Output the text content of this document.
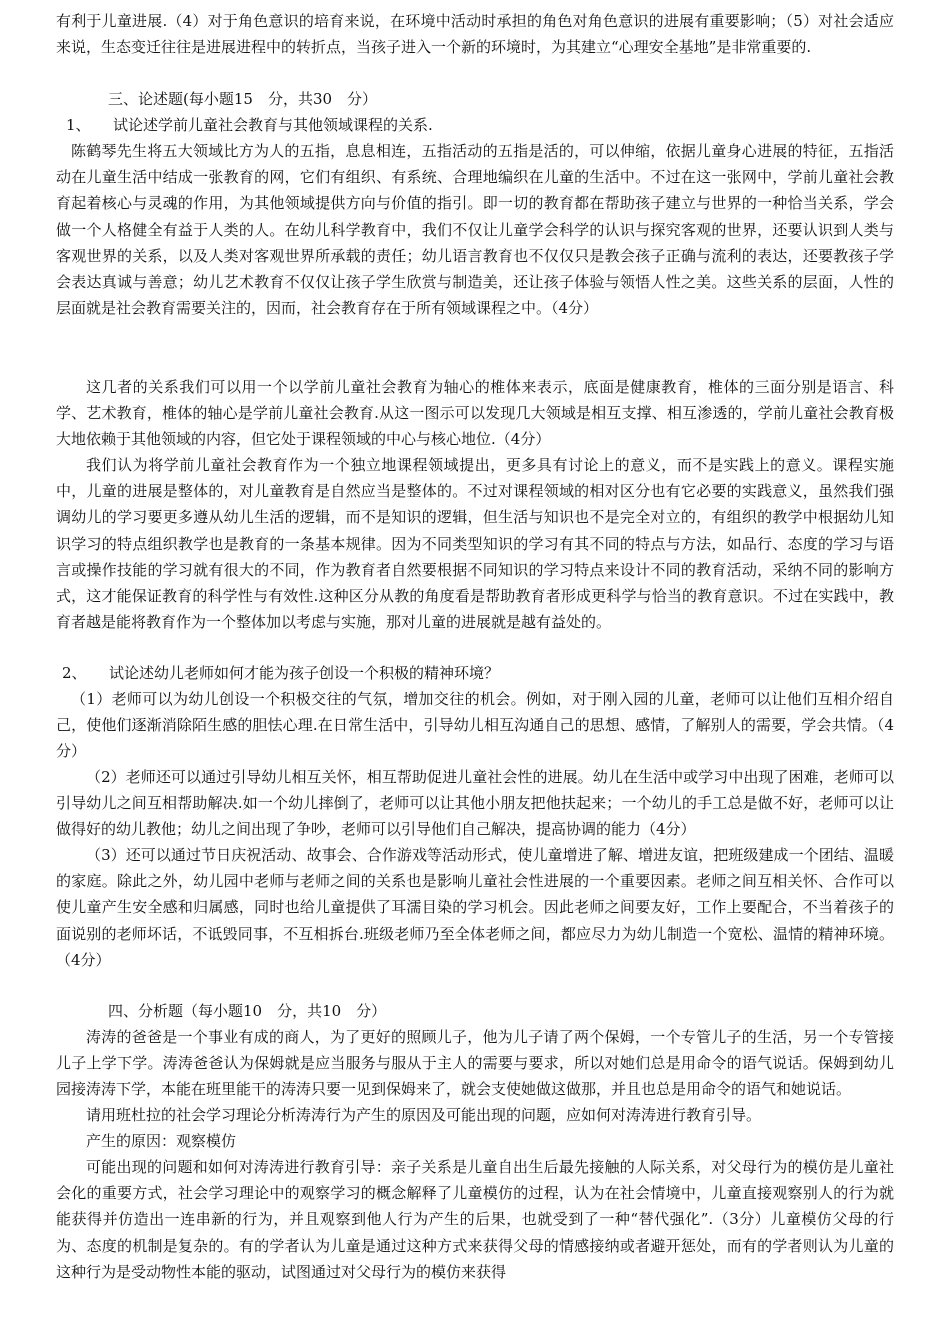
有利于儿童进展.（4）对于角色意识的培育来说，在环境中活动时承担的角色对角色意识的进展有重要影响；（5）对社会适应来说，生态变迁往往是进展进程中的转折点，当孩子进入一个新的环境时，为其建立“心理安全基地”是非常重要的.

三、论述题(每小题15　分，共30　分）

1、　　试论述学前儿童社会教育与其他领域课程的关系.

陈鹤琴先生将五大领域比方为人的五指，息息相连，五指活动的五指是活的，可以伸缩，依据儿童身心进展的特征，五指活动在儿童生活中结成一张教育的网，它们有组织、有系统、合理地编织在儿童的生活中。不过在这一张网中，学前儿童社会教育起着核心与灵魂的作用，为其他领域提供方向与价值的指引。即一切的教育都在帮助孩子建立与世界的一种恰当关系，学会做一个人格健全有益于人类的人。在幼儿科学教育中，我们不仅让儿童学会科学的认识与探究客观的世界，还要认识到人类与客观世界的关系，以及人类对客观世界所承载的责任；幼儿语言教育也不仅仅只是教会孩子正确与流利的表达，还要教孩子学会表达真诚与善意；幼儿艺术教育不仅仅让孩子学生欣赏与制造美，还让孩子体验与领悟人性之美。这些关系的层面，人性的层面就是社会教育需要关注的，因而，社会教育存在于所有领域课程之中。（4分）

这几者的关系我们可以用一个以学前儿童社会教育为轴心的椎体来表示，底面是健康教育，椎体的三面分别是语言、科学、艺术教育，椎体的轴心是学前儿童社会教育.从这一图示可以发现几大领域是相互支撑、相互渗透的，学前儿童社会教育极大地依赖于其他领域的内容，但它处于课程领域的中心与核心地位.（4分）

我们认为将学前儿童社会教育作为一个独立地课程领域提出，更多具有讨论上的意义，而不是实践上的意义。课程实施中，儿童的进展是整体的，对儿童教育是自然应当是整体的。不过对课程领域的相对区分也有它必要的实践意义，虽然我们强调幼儿的学习要更多遵从幼儿生活的逻辑，而不是知识的逻辑，但生活与知识也不是完全对立的，有组织的教学中根据幼儿知识学习的特点组织教学也是教育的一条基本规律。因为不同类型知识的学习有其不同的特点与方法，如品行、态度的学习与语言或操作技能的学习就有很大的不同，作为教育者自然要根据不同知识的学习特点来设计不同的教育活动，采纳不同的影响方式，这才能保证教育的科学性与有效性.这种区分从教的角度看是帮助教育者形成更科学与恰当的教育意识。不过在实践中，教育者越是能将教育作为一个整体加以考虑与实施，那对儿童的进展就是越有益处的。

2、　　试论述幼儿老师如何才能为孩子创设一个积极的精神环境？

（1）老师可以为幼儿创设一个积极交往的气氛，增加交往的机会。例如，对于刚入园的儿童，老师可以让他们互相介绍自己，使他们逐渐消除陌生感的胆怯心理.在日常生活中，引导幼儿相互沟通自己的思想、感情，了解别人的需要，学会共情。（4分）

（2）老师还可以通过引导幼儿相互关怀，相互帮助促进儿童社会性的进展。幼儿在生活中或学习中出现了困难，老师可以引导幼儿之间互相帮助解决.如一个幼儿摔倒了，老师可以让其他小朋友把他扶起来；一个幼儿的手工总是做不好，老师可以让做得好的幼儿教他；幼儿之间出现了争吵，老师可以引导他们自己解决，提高协调的能力（4分）

（3）还可以通过节日庆祝活动、故事会、合作游戏等活动形式，使儿童增进了解、增进友谊，把班级建成一个团结、温暖的家庭。除此之外，幼儿园中老师与老师之间的关系也是影响儿童社会性进展的一个重要因素。老师之间互相关怀、合作可以使儿童产生安全感和归属感，同时也给儿童提供了耳濡目染的学习机会。因此老师之间要友好，工作上要配合，不当着孩子的面说别的老师坏话，不诋毁同事，不互相拆台.班级老师乃至全体老师之间，都应尽力为幼儿制造一个宽松、温情的精神环境。（4分）

四、分析题（每小题10　分，共10　分）

涛涛的爸爸是一个事业有成的商人，为了更好的照顾儿子，他为儿子请了两个保姆，一个专管儿子的生活，另一个专管接儿子上学下学。涛涛爸爸认为保姆就是应当服务与服从于主人的需要与要求，所以对她们总是用命令的语气说话。保姆到幼儿园接涛涛下学，本能在班里能干的涛涛只要一见到保姆来了，就会支使她做这做那，并且也总是用命令的语气和她说话。

请用班杜拉的社会学习理论分析涛涛行为产生的原因及可能出现的问题，应如何对涛涛进行教育引导。

产生的原因：观察模仿

可能出现的问题和如何对涛涛进行教育引导：亲子关系是儿童自出生后最先接触的人际关系，对父母行为的模仿是儿童社会化的重要方式，社会学习理论中的观察学习的概念解释了儿童模仿的过程，认为在社会情境中，儿童直接观察别人的行为就能获得并仿造出一连串新的行为，并且观察到他人行为产生的后果，也就受到了一种“替代强化”.（3分）儿童模仿父母的行为、态度的机制是复杂的。有的学者认为儿童是通过这种方式来获得父母的情感接纳或者避开惩处，而有的学者则认为儿童的这种行为是受动物性本能的驱动，试图通过对父母行为的模仿来获得
